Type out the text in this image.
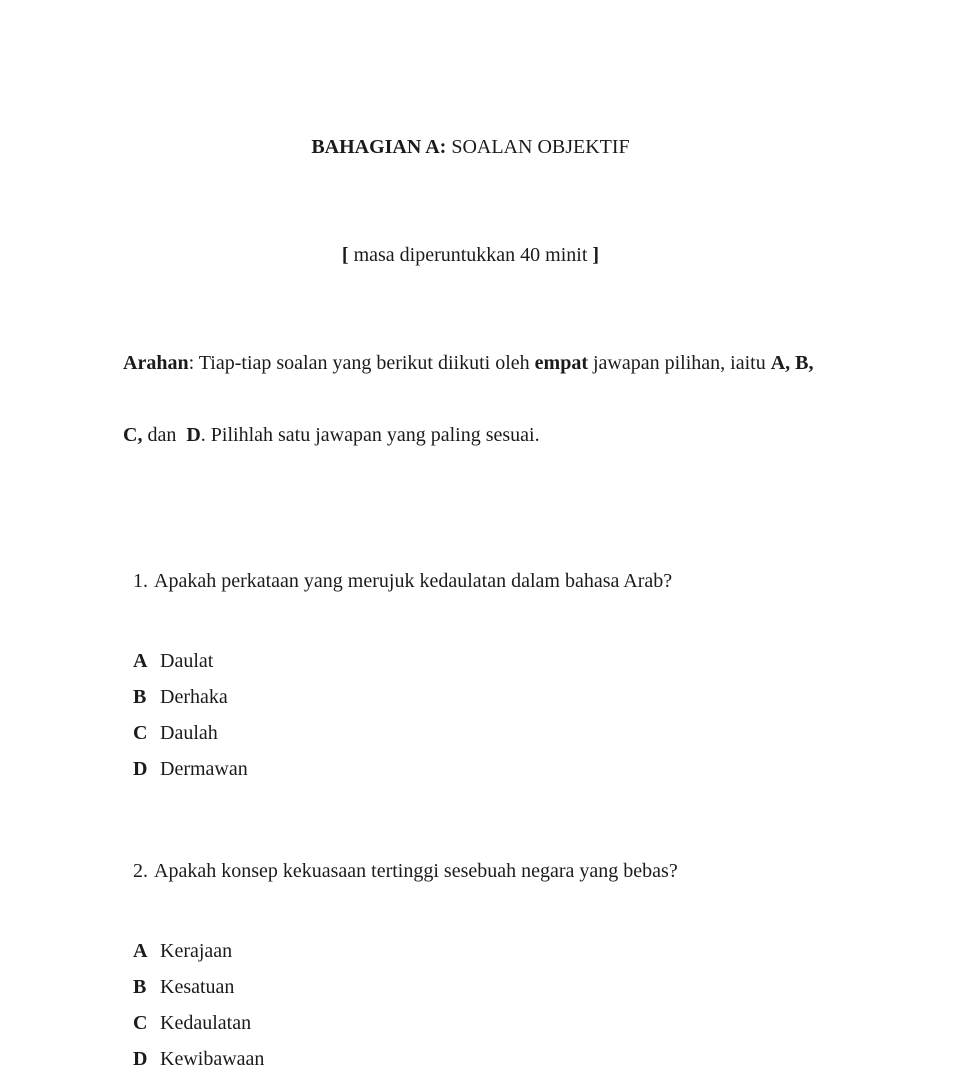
BAHAGIAN A: SOALAN OBJEKTIF

[ masa diperuntukkan 40 minit ]

Arahan: Tiap-tiap soalan yang berikut diikuti oleh empat jawapan pilihan, iaitu A, B,

C, dan  D. Pilihlah satu jawapan yang paling sesuai.

1. Apakah perkataan yang merujuk kedaulatan dalam bahasa Arab?

A Daulat
B Derhaka
C Daulah
D Dermawan

2. Apakah konsep kekuasaan tertinggi sesebuah negara yang bebas?

A Kerajaan
B Kesatuan
C Kedaulatan
D Kewibawaan
